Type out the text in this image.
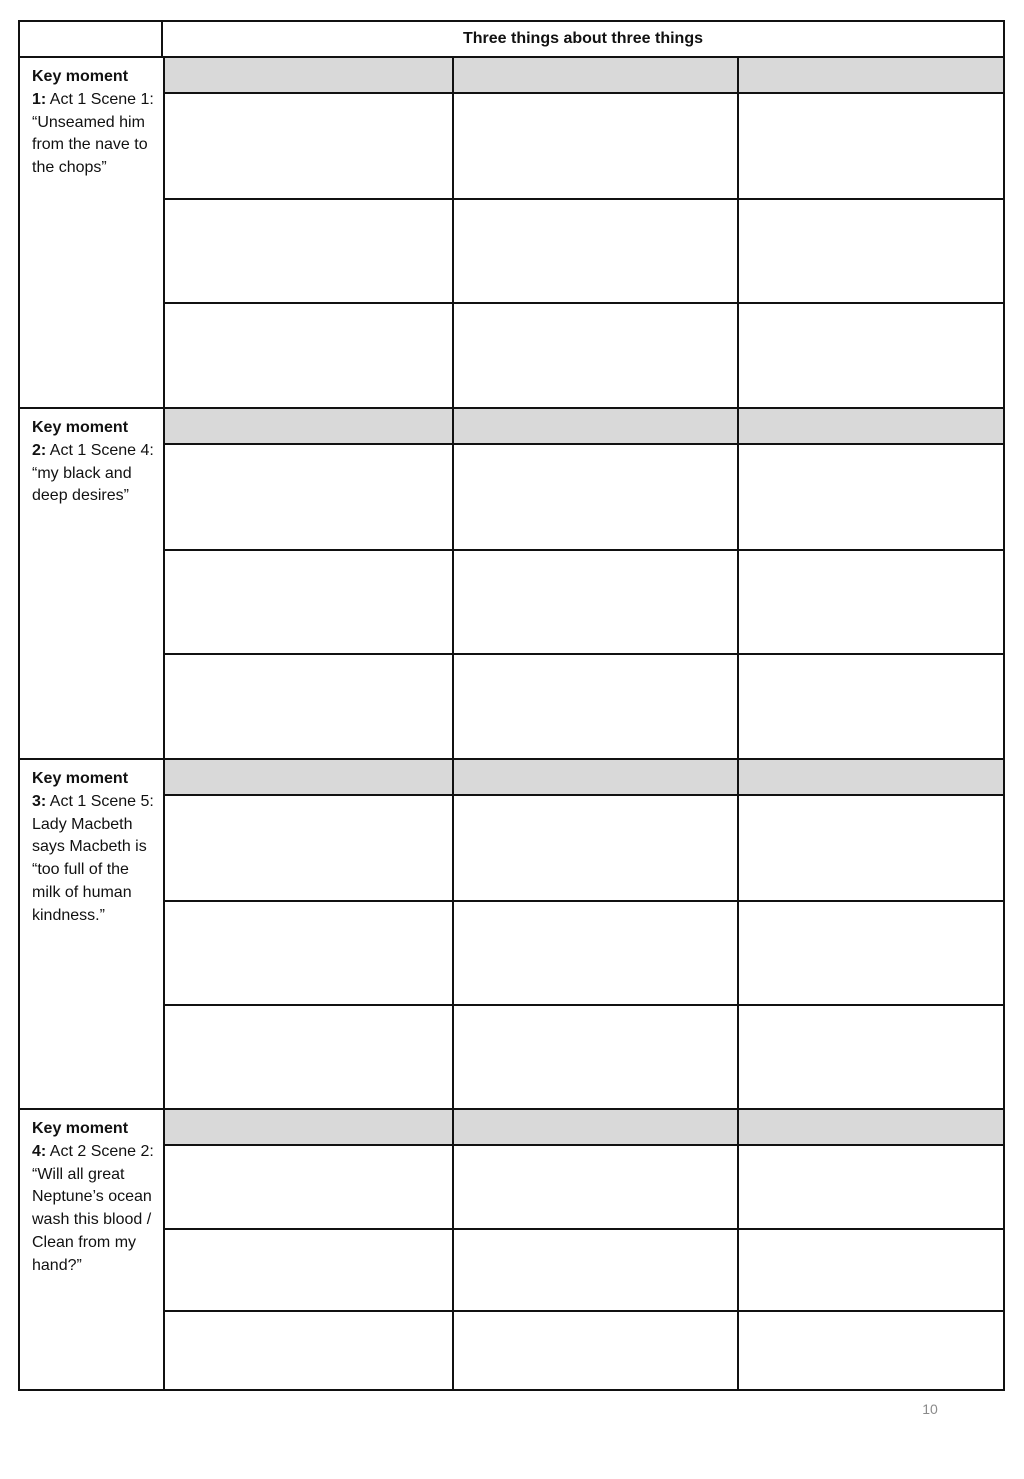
Three things about three things
Key moment
1: Act 1 Scene 1: “Unseamed him from the nave to the chops”
Key moment
2: Act 1 Scene 4: “my black and deep desires”
Key moment
3: Act 1 Scene 5: Lady Macbeth says Macbeth is “too full of the milk of human kindness.”
Key moment
4: Act 2 Scene 2: “Will all great Neptune’s ocean wash this blood / Clean from my hand?”
10
